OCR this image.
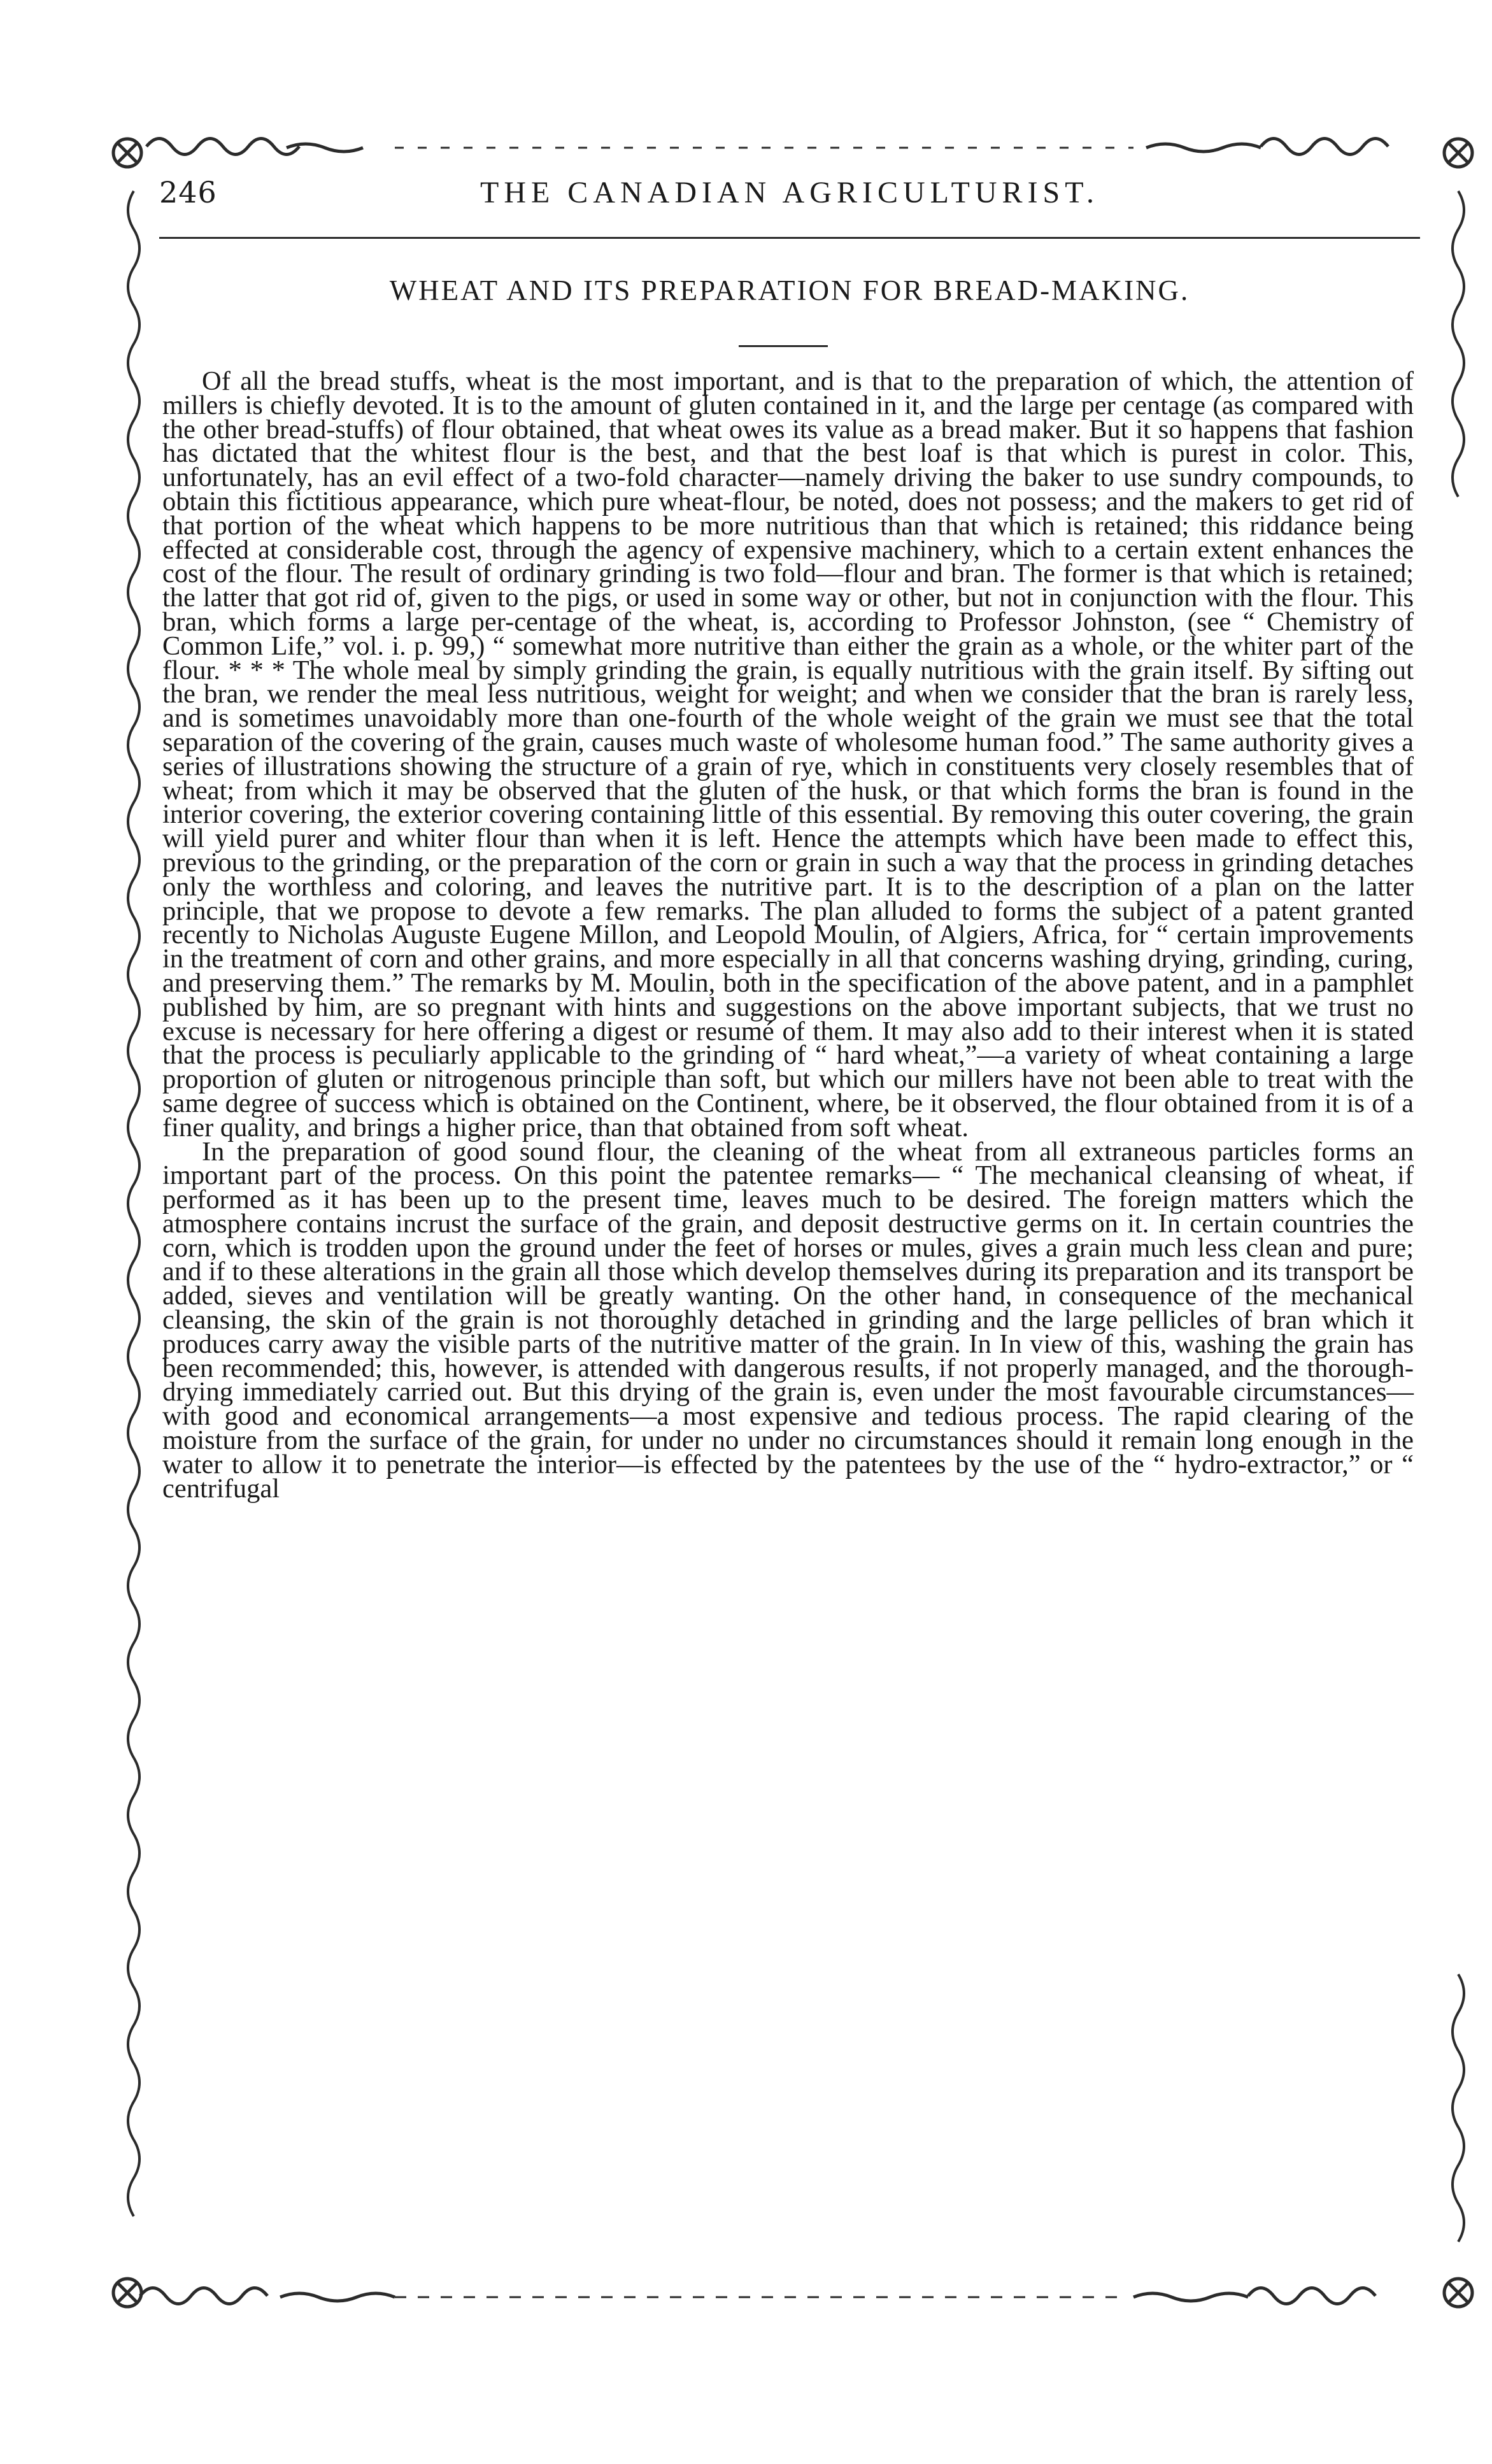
246	THE CANADIAN AGRICULTURIST.
WHEAT AND ITS PREPARATION FOR BREAD-MAKING.

Of all the bread stuffs, wheat is the most important, and is that to the preparation of which, the attention of millers is chiefly devoted. It is to the amount of gluten contained in it, and the large per centage (as compared with the other bread-stuffs) of flour obtained, that wheat owes its value as a bread maker. But it so happens that fashion has dictated that the whitest flour is the best, and that the best loaf is that which is purest in color. This, unfortunately, has an evil effect of a two-fold character—namely driving the baker to use sundry compounds, to obtain this fictitious appearance, which pure wheat-flour, be noted, does not possess; and the makers to get rid of that portion of the wheat which happens to be more nutritious than that which is retained; this riddance being effected at considerable cost, through the agency of expensive machinery, which to a certain extent enhances the cost of the flour. The result of ordinary grinding is two fold—flour and bran. The former is that which is retained; the latter that got rid of, given to the pigs, or used in some way or other, but not in conjunction with the flour. This bran, which forms a large per-centage of the wheat, is, according to Professor Johnston, (see “ Chemistry of Common Life,” vol. i. p. 99,) “ somewhat more nutritive than either the grain as a whole, or the whiter part of the flour. * * * The whole meal by simply grinding the grain, is equally nutritious with the grain itself. By sifting out the bran, we render the meal less nutritious, weight for weight; and when we consider that the bran is rarely less, and is sometimes unavoidably more than one-fourth of the whole weight of the grain we must see that the total separation of the covering of the grain, causes much waste of wholesome human food.” The same authority gives a series of illustrations showing the structure of a grain of rye, which in constituents very closely resembles that of wheat; from which it may be observed that the gluten of the husk, or that which forms the bran is found in the interior covering, the exterior covering containing little of this essential. By removing this outer covering, the grain will yield purer and whiter flour than when it is left. Hence the attempts which have been made to effect this, previous to the grinding, or the preparation of the corn or grain in such a way that the process in grinding detaches only the worthless and coloring, and leaves the nutritive part. It is to the description of a plan on the latter principle, that we propose to devote a few remarks. The plan alluded to forms the subject of a patent granted recently to Nicholas Auguste Eugene Millon, and Leopold Moulin, of Algiers, Africa, for “ certain improvements in the treatment of corn and other grains, and more especially in all that concerns washing drying, grinding, curing, and preserving them.” The remarks by M. Moulin, both in the specification of the above patent, and in a pamphlet published by him, are so pregnant with hints and suggestions on the above important subjects, that we trust no excuse is necessary for here offering a digest or resumé of them. It may also add to their interest when it is stated that the process is peculiarly applicable to the grinding of “ hard wheat,”—a variety of wheat containing a large proportion of gluten or nitrogenous principle than soft, but which our millers have not been able to treat with the same degree of success which is obtained on the Continent, where, be it observed, the flour obtained from it is of a finer quality, and brings a higher price, than that obtained from soft wheat.

In the preparation of good sound flour, the cleaning of the wheat from all extraneous particles forms an important part of the process. On this point the patentee remarks— “ The mechanical cleansing of wheat, if performed as it has been up to the present time, leaves much to be desired. The foreign matters which the atmosphere contains incrust the surface of the grain, and deposit destructive germs on it. In certain countries the corn, which is trodden upon the ground under the feet of horses or mules, gives a grain much less clean and pure; and if to these alterations in the grain all those which develop themselves during its preparation and its transport be added, sieves and ventilation will be greatly wanting. On the other hand, in consequence of the mechanical cleansing, the skin of the grain is not thoroughly detached in grinding and the large pellicles of bran which it produces carry away the visible parts of the nutritive matter of the grain. In In view of this, washing the grain has been recommended; this, however, is attended with dangerous results, if not properly managed, and the thorough-drying immediately carried out. But this drying of the grain is, even under the most favourable circumstances—with good and economical arrangements—a most expensive and tedious process. The rapid clearing of the moisture from the surface of the grain, for under no under no circumstances should it remain long enough in the water to allow it to penetrate the interior—is effected by the patentees by the use of the “ hydro-extractor,” or “ centrifugal
